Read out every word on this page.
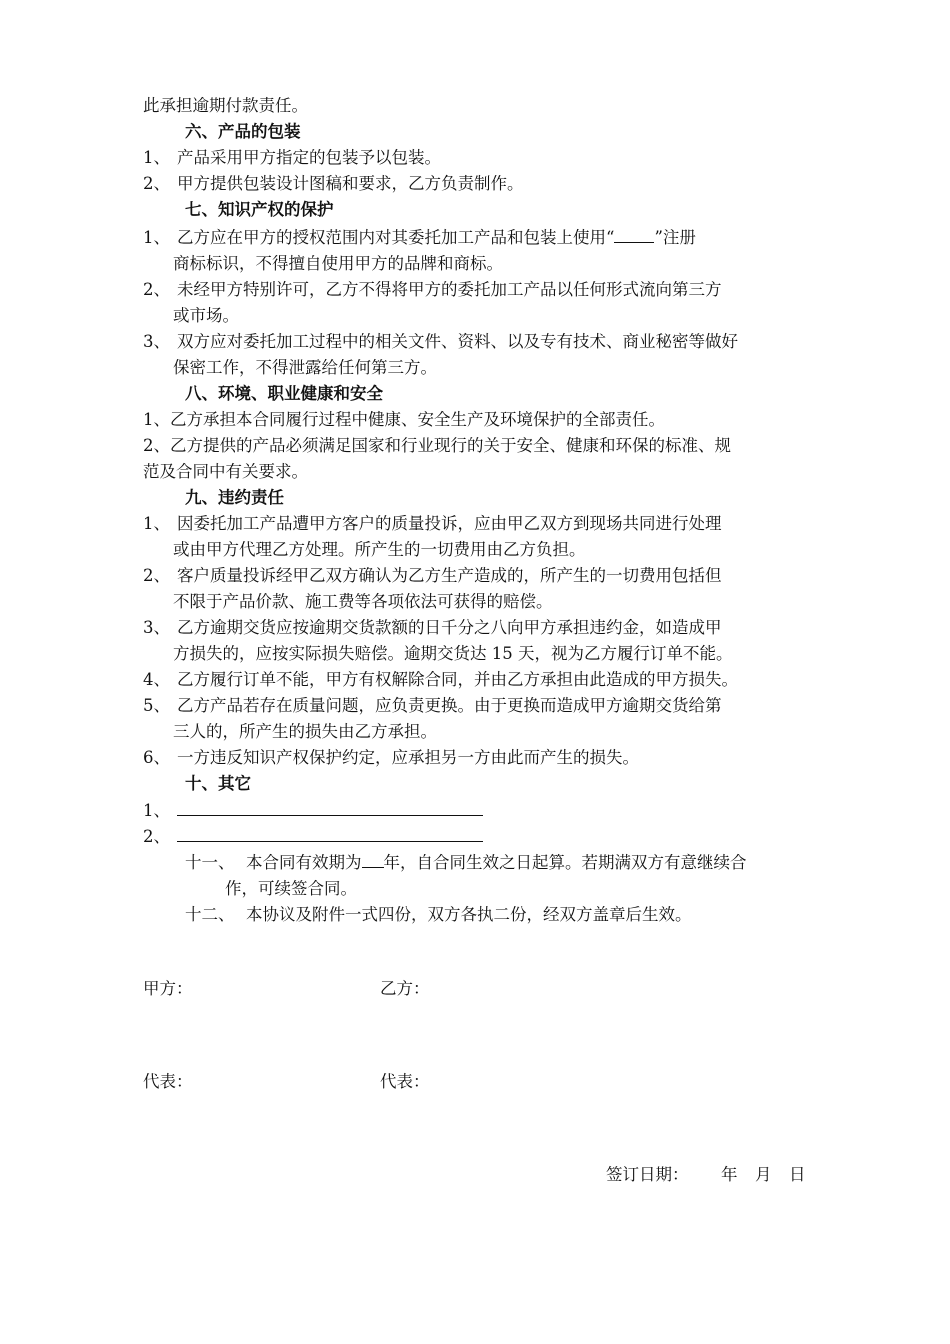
此承担逾期付款责任。
六、产品的包装
1、 产品采用甲方指定的包装予以包装。
2、 甲方提供包装设计图稿和要求，乙方负责制作。
七、知识产权的保护
1、 乙方应在甲方的授权范围内对其委托加工产品和包装上使用“ ”注册
商标标识，不得擅自使用甲方的品牌和商标。
2、 未经甲方特别许可，乙方不得将甲方的委托加工产品以任何形式流向第三方
或市场。
3、 双方应对委托加工过程中的相关文件、资料、以及专有技术、商业秘密等做好
保密工作，不得泄露给任何第三方。
八、环境、职业健康和安全
1、乙方承担本合同履行过程中健康、安全生产及环境保护的全部责任。
2、乙方提供的产品必须满足国家和行业现行的关于安全、健康和环保的标准、规
范及合同中有关要求。
九、违约责任
1、 因委托加工产品遭甲方客户的质量投诉，应由甲乙双方到现场共同进行处理
或由甲方代理乙方处理。所产生的一切费用由乙方负担。
2、 客户质量投诉经甲乙双方确认为乙方生产造成的，所产生的一切费用包括但
不限于产品价款、施工费等各项依法可获得的赔偿。
3、 乙方逾期交货应按逾期交货款额的日千分之八向甲方承担违约金，如造成甲
方损失的，应按实际损失赔偿。逾期交货达 15 天，视为乙方履行订单不能。
4、 乙方履行订单不能，甲方有权解除合同，并由乙方承担由此造成的甲方损失。
5、 乙方产品若存在质量问题，应负责更换。由于更换而造成甲方逾期交货给第
三人的，所产生的损失由乙方承担。
6、 一方违反知识产权保护约定，应承担另一方由此而产生的损失。
十、其它
1、
2、
十一、 本合同有效期为 年，自合同生效之日起算。若期满双方有意继续合
作，可续签合同。
十二、 本协议及附件一式四份，双方各执二份，经双方盖章后生效。
甲方：	乙方：
代表：	代表：
签订日期： 年 月 日
